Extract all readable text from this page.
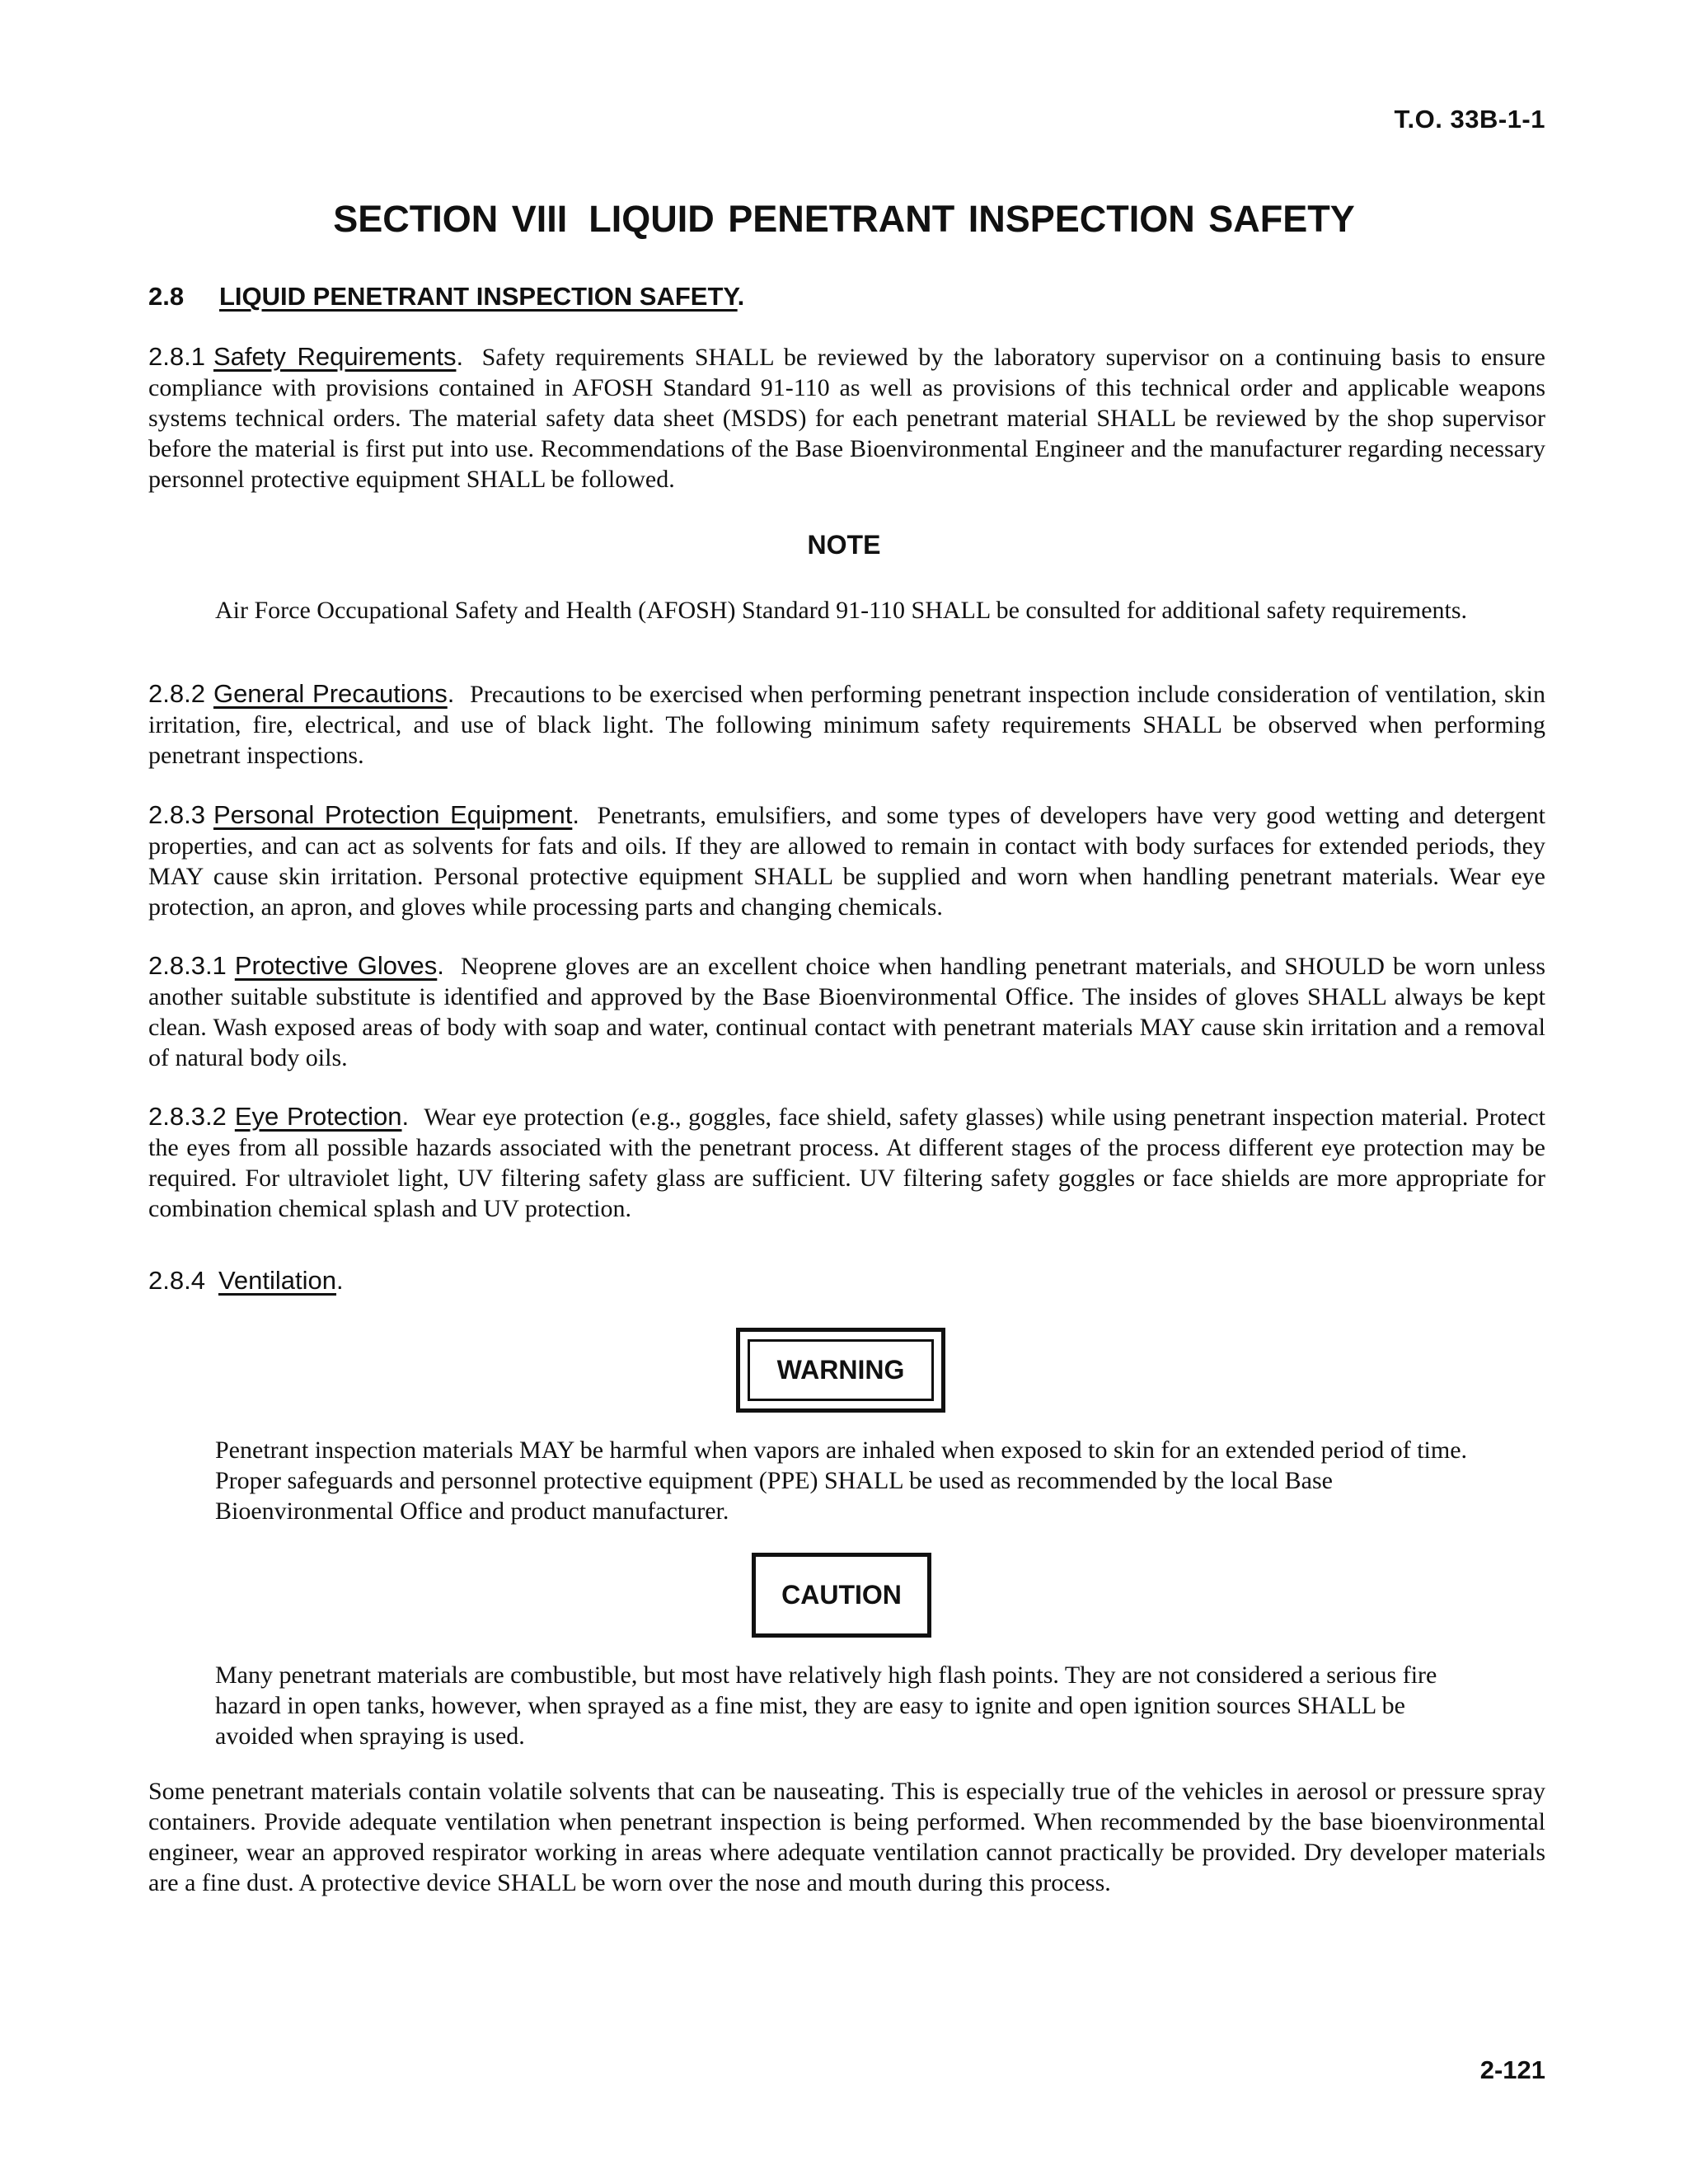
T.O. 33B-1-1
SECTION VIII LIQUID PENETRANT INSPECTION SAFETY
2.8 LIQUID PENETRANT INSPECTION SAFETY.

2.8.1 Safety Requirements. Safety requirements SHALL be reviewed by the laboratory supervisor on a continuing basis to ensure compliance with provisions contained in AFOSH Standard 91-110 as well as provisions of this technical order and applicable weapons systems technical orders. The material safety data sheet (MSDS) for each penetrant material SHALL be reviewed by the shop supervisor before the material is first put into use. Recommendations of the Base Bioenvironmental Engineer and the manufacturer regarding necessary personnel protective equipment SHALL be followed.

NOTE

Air Force Occupational Safety and Health (AFOSH) Standard 91-110 SHALL be consulted for additional safety requirements.

2.8.2 General Precautions. Precautions to be exercised when performing penetrant inspection include consideration of ventilation, skin irritation, fire, electrical, and use of black light. The following minimum safety requirements SHALL be observed when performing penetrant inspections.

2.8.3 Personal Protection Equipment. Penetrants, emulsifiers, and some types of developers have very good wetting and detergent properties, and can act as solvents for fats and oils. If they are allowed to remain in contact with body surfaces for extended periods, they MAY cause skin irritation. Personal protective equipment SHALL be supplied and worn when handling penetrant materials. Wear eye protection, an apron, and gloves while processing parts and changing chemicals.

2.8.3.1 Protective Gloves. Neoprene gloves are an excellent choice when handling penetrant materials, and SHOULD be worn unless another suitable substitute is identified and approved by the Base Bioenvironmental Office. The insides of gloves SHALL always be kept clean. Wash exposed areas of body with soap and water, continual contact with penetrant materials MAY cause skin irritation and a removal of natural body oils.

2.8.3.2 Eye Protection. Wear eye protection (e.g., goggles, face shield, safety glasses) while using penetrant inspection material. Protect the eyes from all possible hazards associated with the penetrant process. At different stages of the process different eye protection may be required. For ultraviolet light, UV filtering safety glass are sufficient. UV filtering safety goggles or face shields are more appropriate for combination chemical splash and UV protection.

2.8.4 Ventilation.
WARNING

Penetrant inspection materials MAY be harmful when vapors are inhaled when exposed to skin for an extended period of time. Proper safeguards and personnel protective equipment (PPE) SHALL be used as recommended by the local Base Bioenvironmental Office and product manufacturer.

CAUTION

Many penetrant materials are combustible, but most have relatively high flash points. They are not considered a serious fire hazard in open tanks, however, when sprayed as a fine mist, they are easy to ignite and open ignition sources SHALL be avoided when spraying is used.

Some penetrant materials contain volatile solvents that can be nauseating. This is especially true of the vehicles in aerosol or pressure spray containers. Provide adequate ventilation when penetrant inspection is being performed. When recommended by the base bioenvironmental engineer, wear an approved respirator working in areas where adequate ventilation cannot practically be provided. Dry developer materials are a fine dust. A protective device SHALL be worn over the nose and mouth during this process.

2-121
